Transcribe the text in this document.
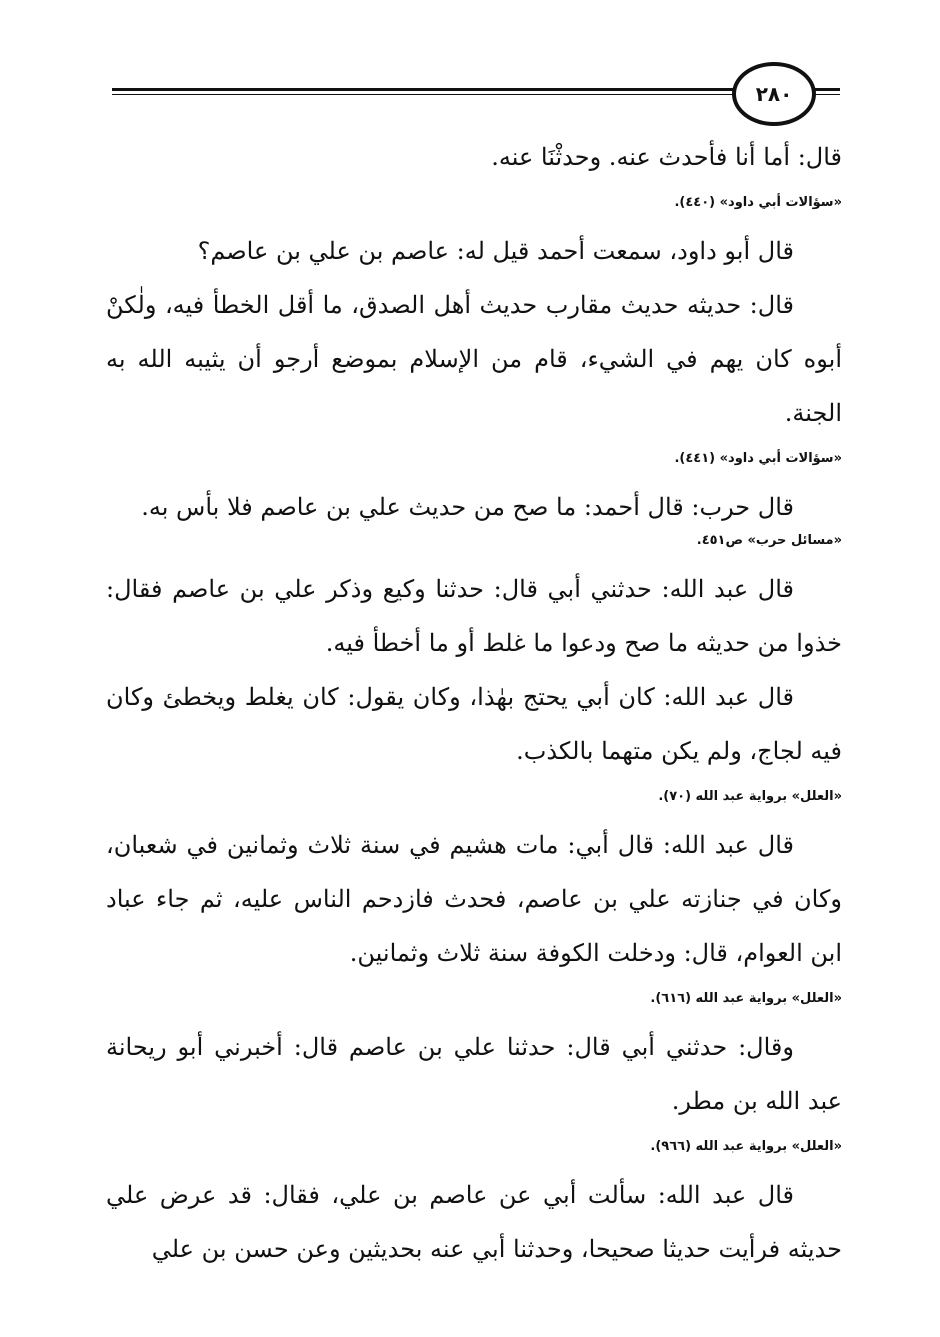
٢٨٠

قال: أما أنا فأحدث عنه. وحدثْنَا عنه.

«سؤالات أبي داود» (٤٤٠).

قال أبو داود، سمعت أحمد قيل له: عاصم بن علي بن عاصم؟

قال: حديثه حديث مقارب حديث أهل الصدق، ما أقل الخطأ فيه، ولٰكنْ أبوه كان يهم في الشيء، قام من الإسلام بموضع أرجو أن يثيبه الله به الجنة.

«سؤالات أبي داود» (٤٤١).

قال حرب: قال أحمد: ما صح من حديث علي بن عاصم فلا بأس به.

«مسائل حرب» ص٤٥١.

قال عبد الله: حدثني أبي قال: حدثنا وكيع وذكر علي بن عاصم فقال: خذوا من حديثه ما صح ودعوا ما غلط أو ما أخطأ فيه.

قال عبد الله: كان أبي يحتج بهٰذا، وكان يقول: كان يغلط ويخطئ وكان فيه لجاج، ولم يكن متهما بالكذب.

«العلل» برواية عبد الله (٧٠).

قال عبد الله: قال أبي: مات هشيم في سنة ثلاث وثمانين في شعبان، وكان في جنازته علي بن عاصم، فحدث فازدحم الناس عليه، ثم جاء عباد ابن العوام، قال: ودخلت الكوفة سنة ثلاث وثمانين.

«العلل» برواية عبد الله (٦١٦).

وقال: حدثني أبي قال: حدثنا علي بن عاصم قال: أخبرني أبو ريحانة عبد الله بن مطر.

«العلل» برواية عبد الله (٩٦٦).

قال عبد الله: سألت أبي عن عاصم بن علي، فقال: قد عرض علي حديثه فرأيت حديثا صحيحا، وحدثنا أبي عنه بحديثين وعن حسن بن علي
